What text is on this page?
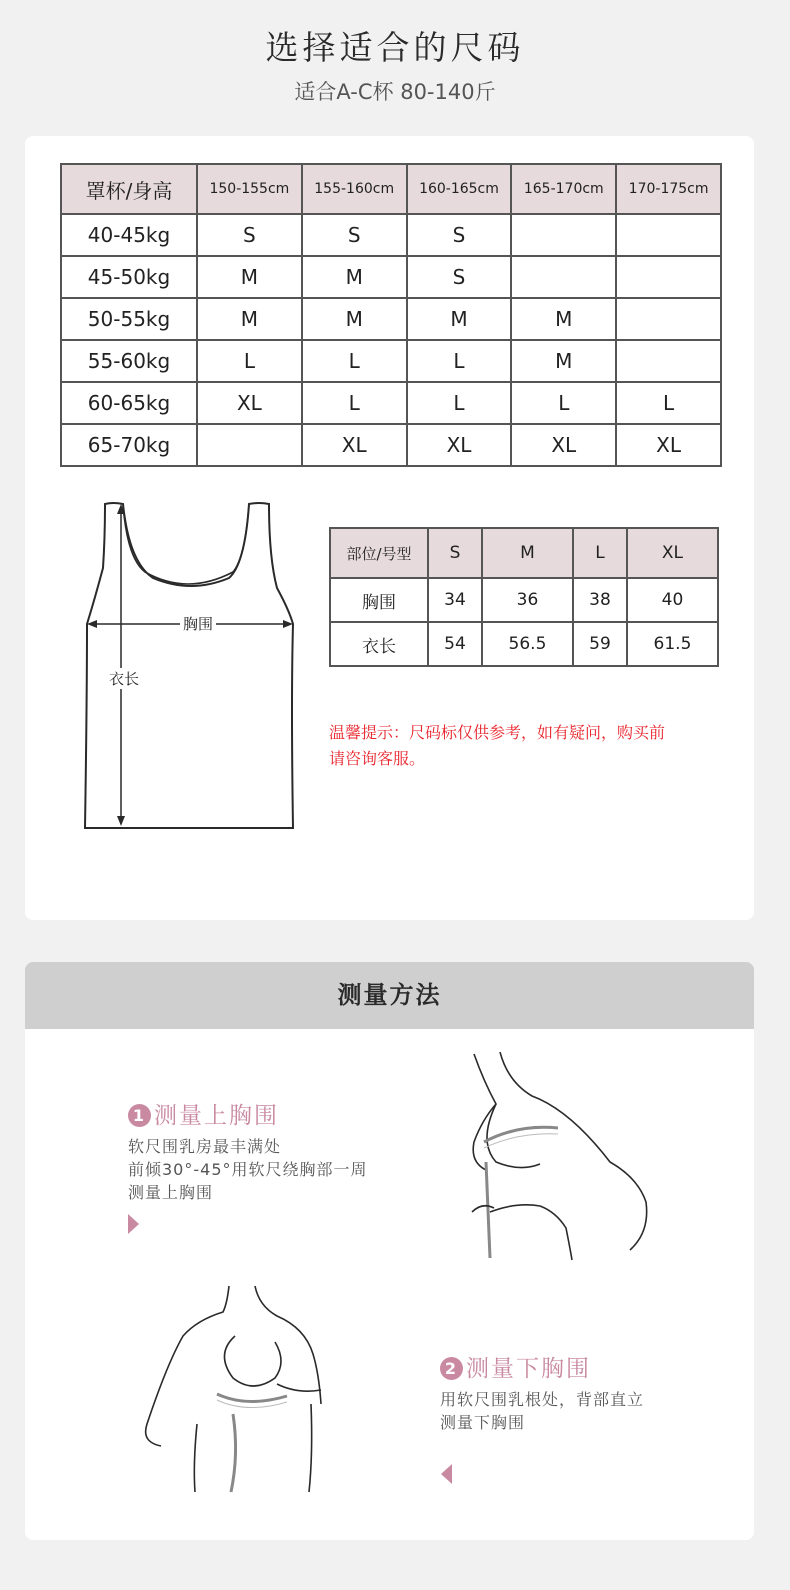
选择适合的尺码
适合A-C杯 80-140斤
罩杯/身高	150-155cm	155-160cm	160-165cm	165-170cm	170-175cm
40-45kg	S	S	S		
45-50kg	M	M	S		
50-55kg	M	M	M	M	
55-60kg	L	L	L	M	
60-65kg	XL	L	L	L	L
65-70kg		XL	XL	XL	XL
胸围
衣长
部位/号型	S	M	L	XL
胸围	34	36	38	40
衣长	54	56.5	59	61.5
温馨提示：尺码标仅供参考，如有疑问，购买前
请咨询客服。
测量方法
1 测量上胸围
软尺围乳房最丰满处
前倾30°-45°用软尺绕胸部一周
测量上胸围
2 测量下胸围
用软尺围乳根处，背部直立
测量下胸围
